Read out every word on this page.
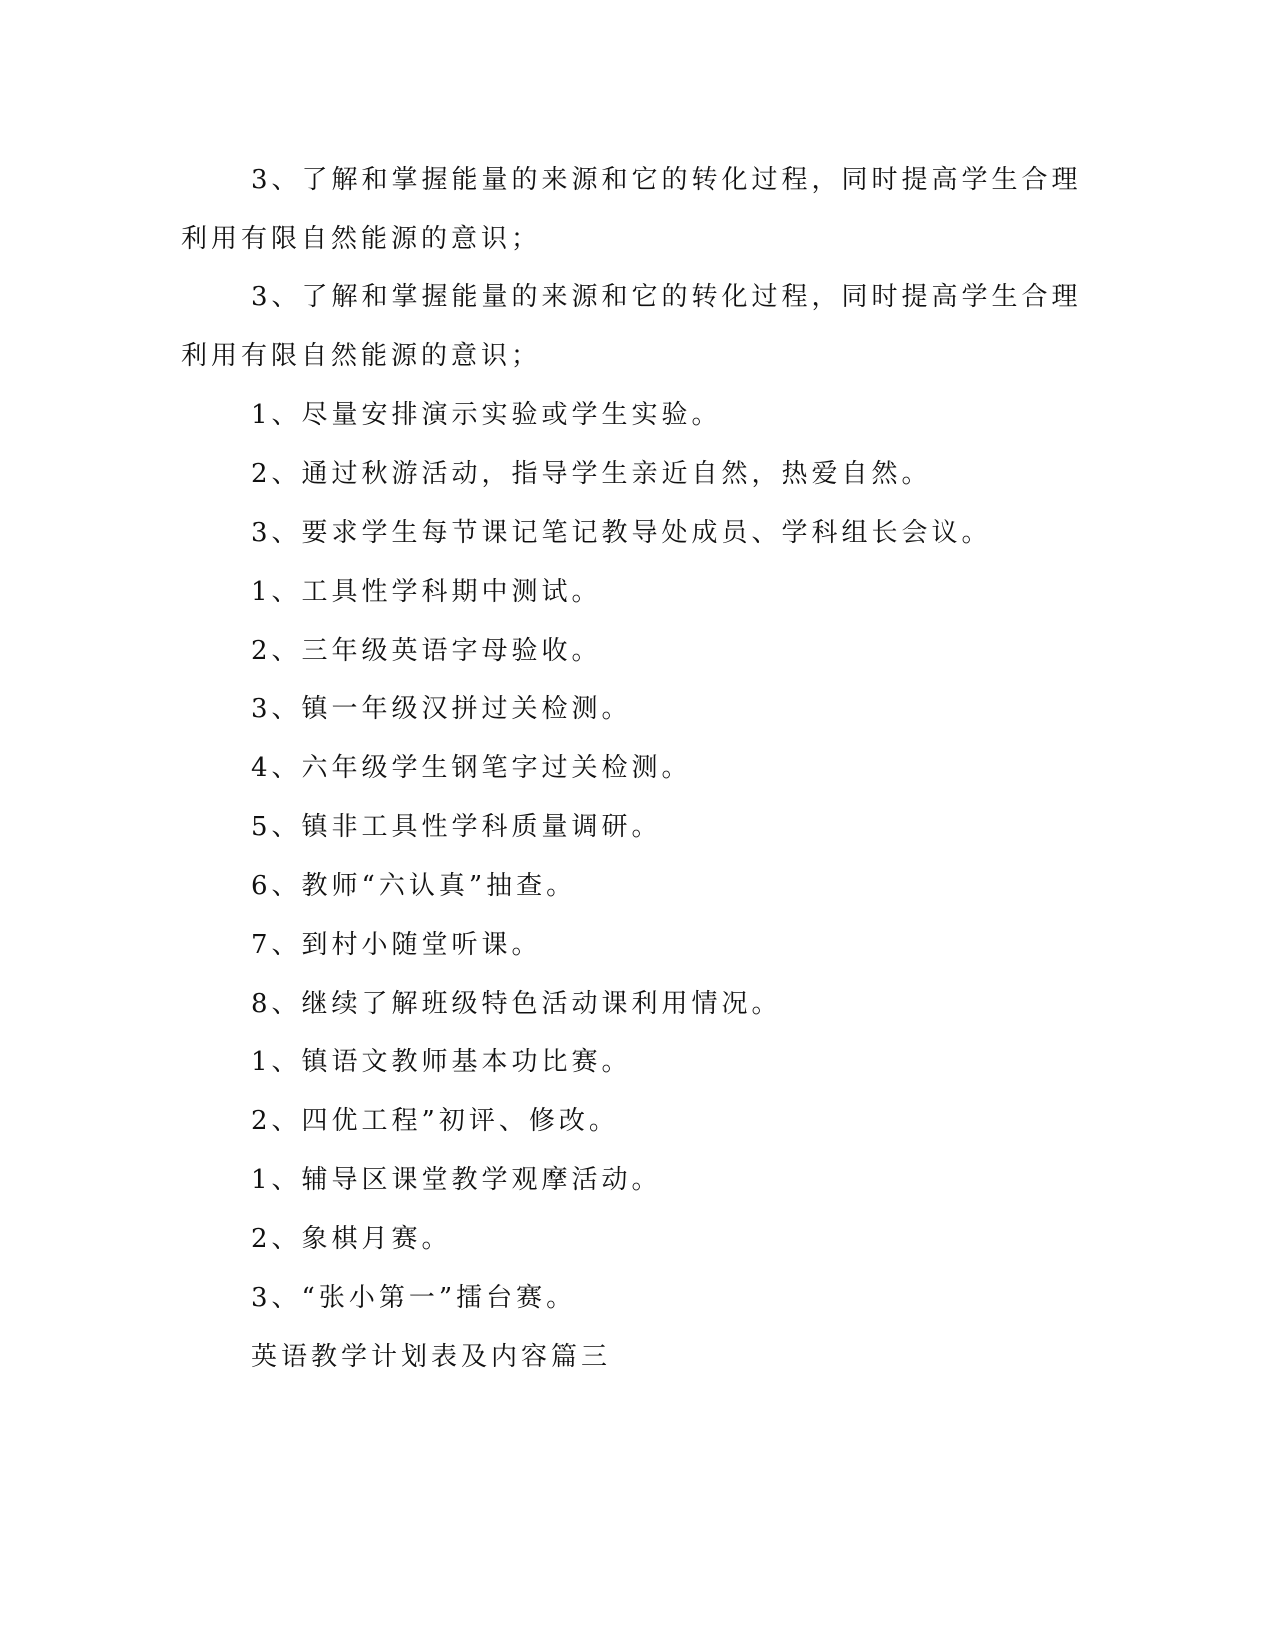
3、了解和掌握能量的来源和它的转化过程，同时提高学生合理
利用有限自然能源的意识；
3、了解和掌握能量的来源和它的转化过程，同时提高学生合理
利用有限自然能源的意识；
1、尽量安排演示实验或学生实验。
2、通过秋游活动，指导学生亲近自然，热爱自然。
3、要求学生每节课记笔记教导处成员、学科组长会议。
1、工具性学科期中测试。
2、三年级英语字母验收。
3、镇一年级汉拼过关检测。
4、六年级学生钢笔字过关检测。
5、镇非工具性学科质量调研。
6、教师“六认真”抽查。
7、到村小随堂听课。
8、继续了解班级特色活动课利用情况。
1、镇语文教师基本功比赛。
2、四优工程”初评、修改。
1、辅导区课堂教学观摩活动。
2、象棋月赛。
3、“张小第一”擂台赛。
英语教学计划表及内容篇三
